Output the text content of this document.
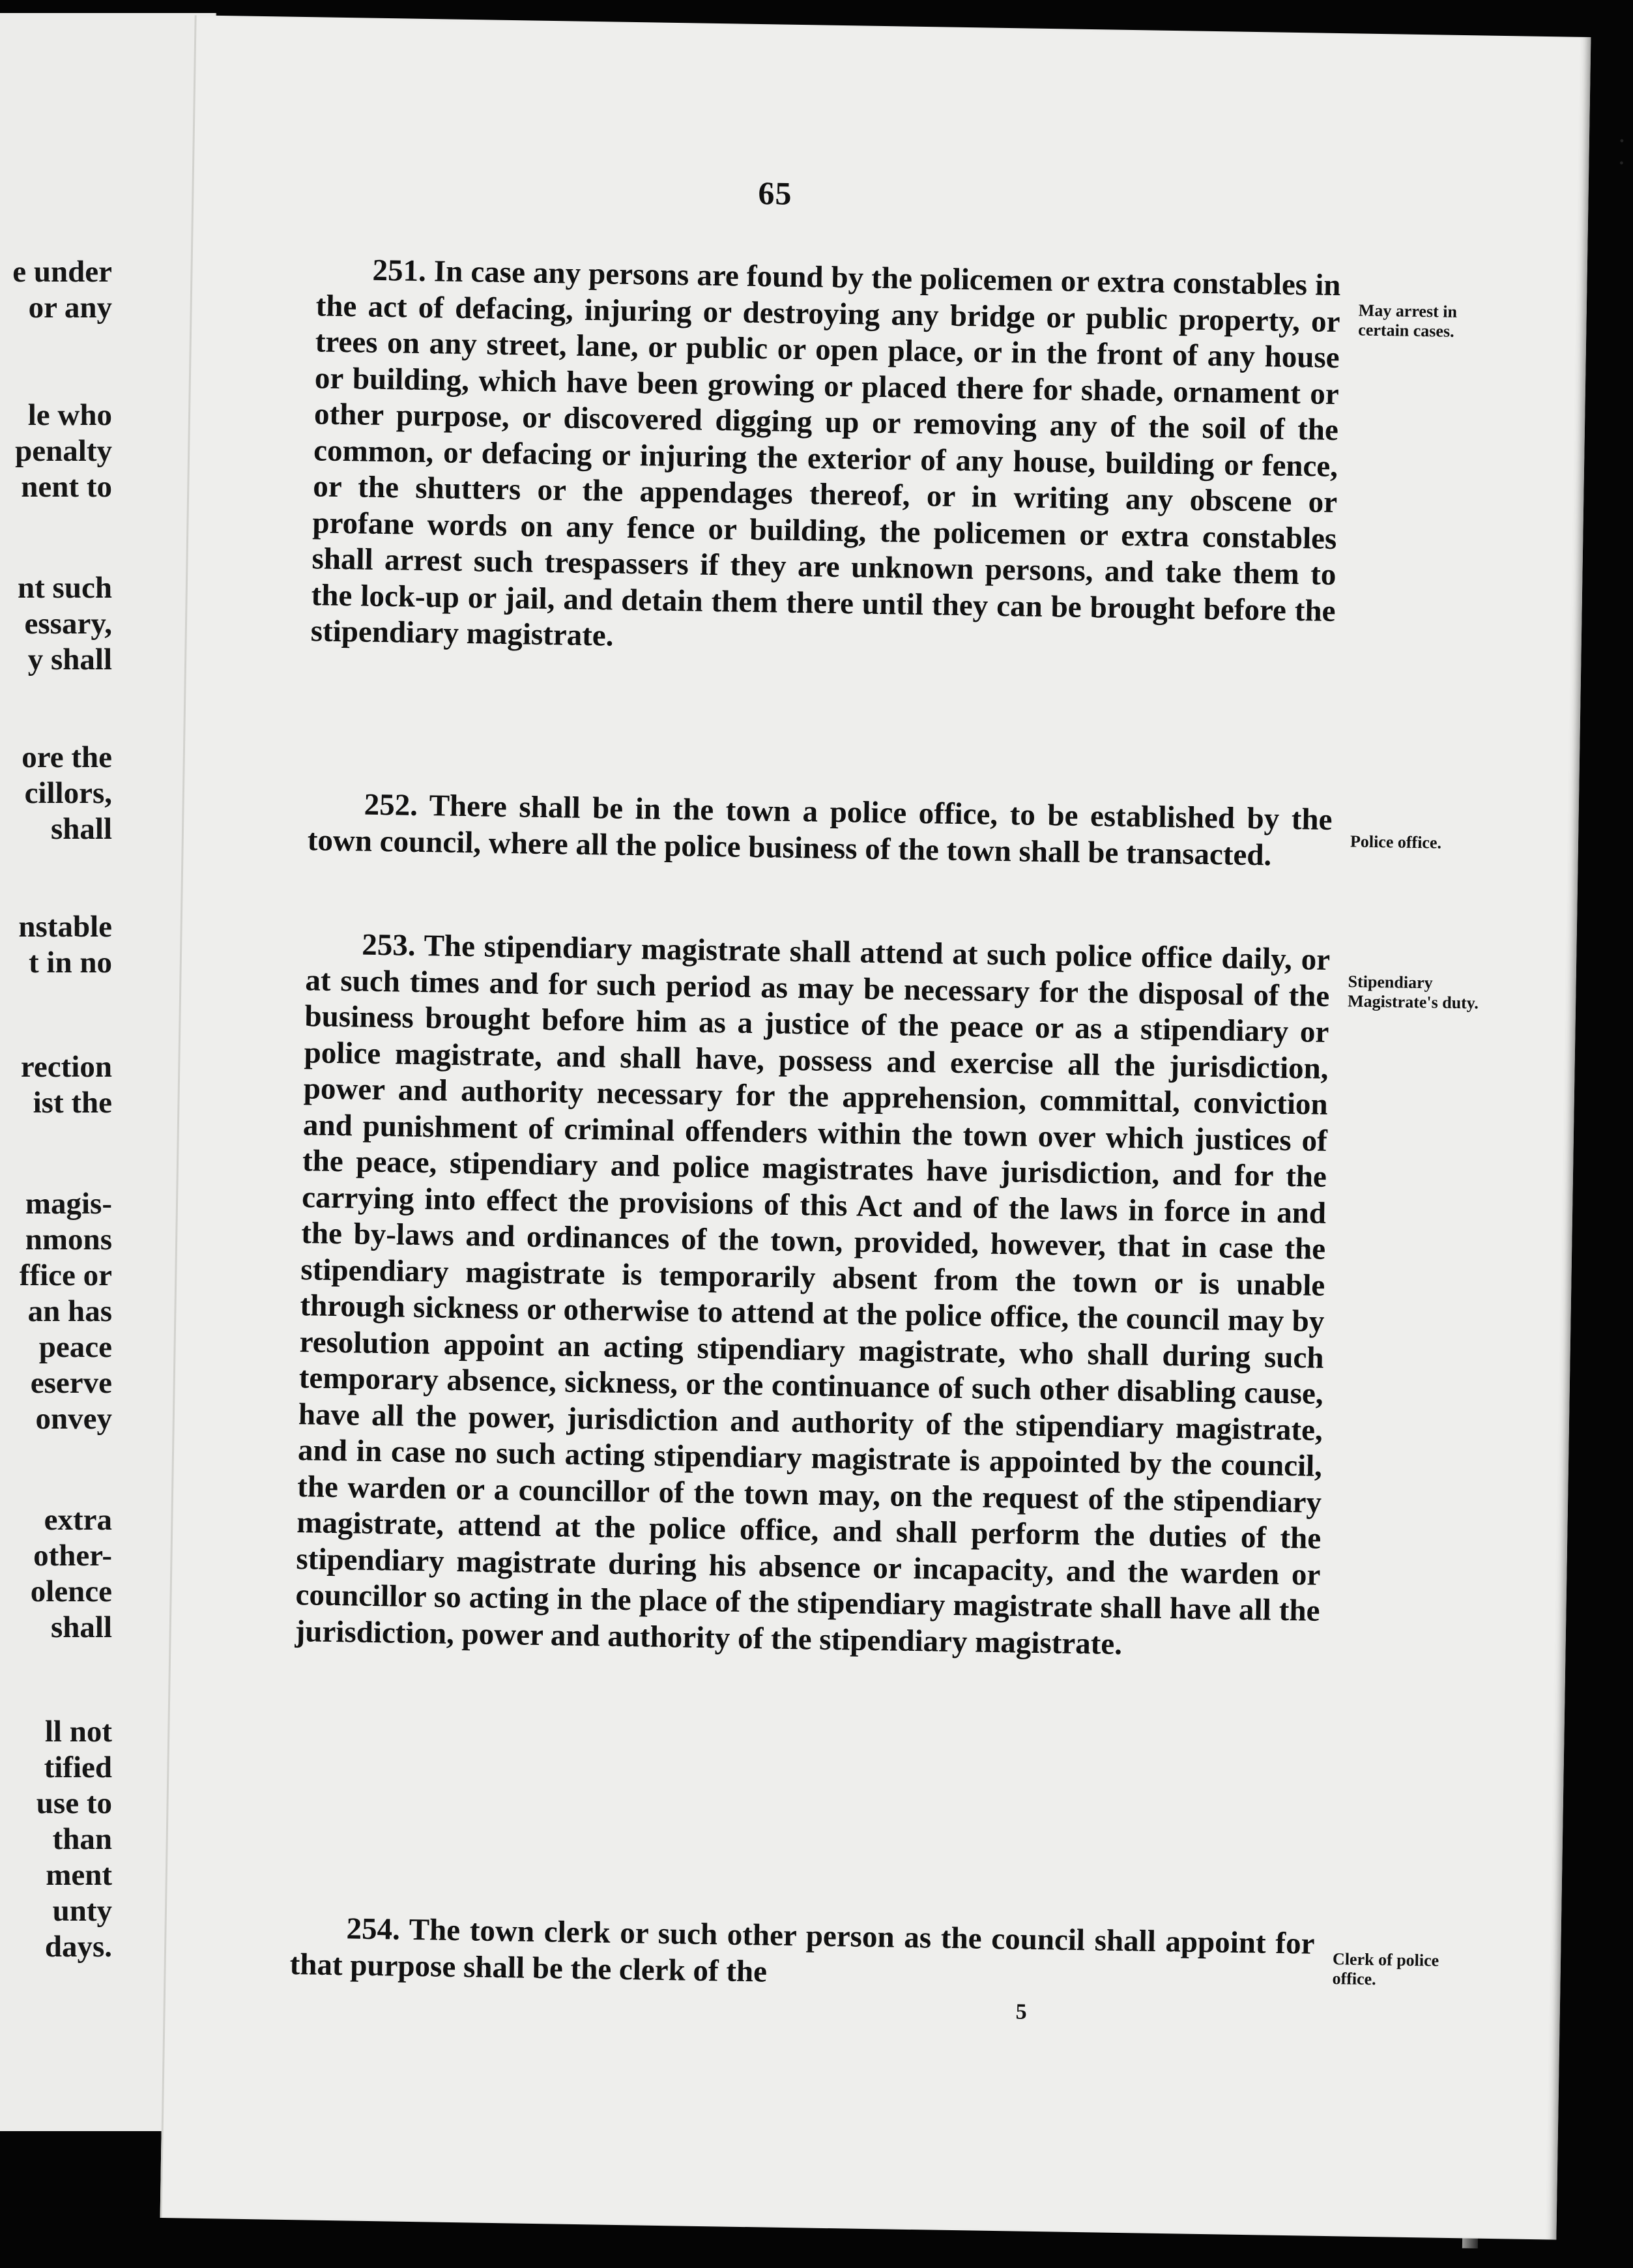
e under
or any
le who
penalty
nent to
nt such
essary,
y shall
ore the
cillors,
shall
nstable
t in no
rection
ist the
magis-
nmons
ffice or
an has
peace
eserve
onvey
extra
other-
olence
shall
ll not
tified
use to
than
ment
unty
days.
· ·
65

251. In case any persons are found by the policemen or extra constables in the act of defacing, injuring or destroying any bridge or public property, or trees on any street, lane, or public or open place, or in the front of any house or building, which have been growing or placed there for shade, ornament or other purpose, or discovered digging up or removing any of the soil of the common, or defacing or injuring the exterior of any house, building or fence, or the shutters or the appendages thereof, or in writing any obscene or profane words on any fence or building, the policemen or extra constables shall arrest such trespassers if they are unknown persons, and take them to the lock-up or jail, and detain them there until they can be brought before the stipendiary magistrate.

May arrest in certain cases.

252. There shall be in the town a police office, to be established by the town council, where all the police business of the town shall be transacted.	Police office.

253. The stipendiary magistrate shall attend at such police office daily, or at such times and for such period as may be necessary for the disposal of the business brought before him as a justice of the peace or as a stipendiary or police magistrate, and shall have, possess and exercise all the jurisdiction, power and authority necessary for the apprehension, committal, conviction and punishment of criminal offenders within the town over which justices of the peace, stipendiary and police magistrates have jurisdiction, and for the carrying into effect the provisions of this Act and of the laws in force in and the by-laws and ordinances of the town, provided, however, that in case the stipendiary magistrate is temporarily absent from the town or is unable through sickness or otherwise to attend at the police office, the council may by resolution appoint an acting stipendiary magistrate, who shall during such temporary absence, sickness, or the continuance of such other disabling cause, have all the power, jurisdiction and authority of the stipendiary magistrate, and in case no such acting stipendiary magistrate is appointed by the council, the warden or a councillor of the town may, on the request of the stipendiary magistrate, attend at the police office, and shall perform the duties of the stipendiary magistrate during his absence or incapacity, and the warden or councillor so acting in the place of the stipendiary magistrate shall have all the jurisdiction, power and authority of the stipendiary magistrate.

Stipendiary Magistrate's duty.

254. The town clerk or such other person as the council shall appoint for that purpose shall be the clerk of the	Clerk of police office.
5
